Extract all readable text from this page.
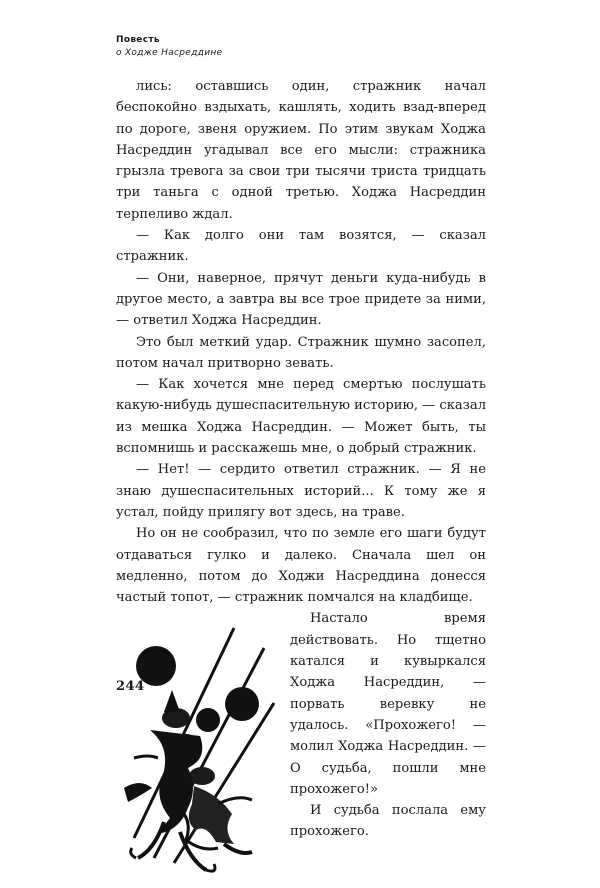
Повесть
о Ходже Насреддине

лись: оставшись один, стражник начал беспокойно вздыхать, кашлять, ходить взад-вперед по дороге, звеня оружием. По этим звукам Ходжа Насреддин угадывал все его мысли: стражника грызла тревога за свои три тысячи триста тридцать три таньга с одной третью. Ходжа Насреддин терпеливо ждал.

— Как долго они там возятся, — сказал стражник.

— Они, наверное, прячут деньги куда-нибудь в другое место, а завтра вы все трое придете за ними, — ответил Ходжа Насреддин.

Это был меткий удар. Стражник шумно засопел, потом начал притворно зевать.

— Как хочется мне перед смертью послушать какую-нибудь душеспасительную историю, — сказал из мешка Ходжа Насреддин. — Может быть, ты вспомнишь и расскажешь мне, о добрый стражник.

— Нет! — сердито ответил стражник. — Я не знаю душеспасительных историй... К тому же я устал, пойду прилягу вот здесь, на траве.

Но он не сообразил, что по земле его шаги будут отдаваться гулко и далеко. Сначала шел он медленно, потом до Ходжи Насреддина донесся частый топот, — стражник помчался на кладбище.

Настало время действовать. Но тщетно катался и кувыркался Ходжа Насреддин, — порвать веревку не удалось. «Прохожего! — молил Ходжа Насреддин. — О судьба, пошли мне прохожего!»

И судьба послала ему прохожего.

244
